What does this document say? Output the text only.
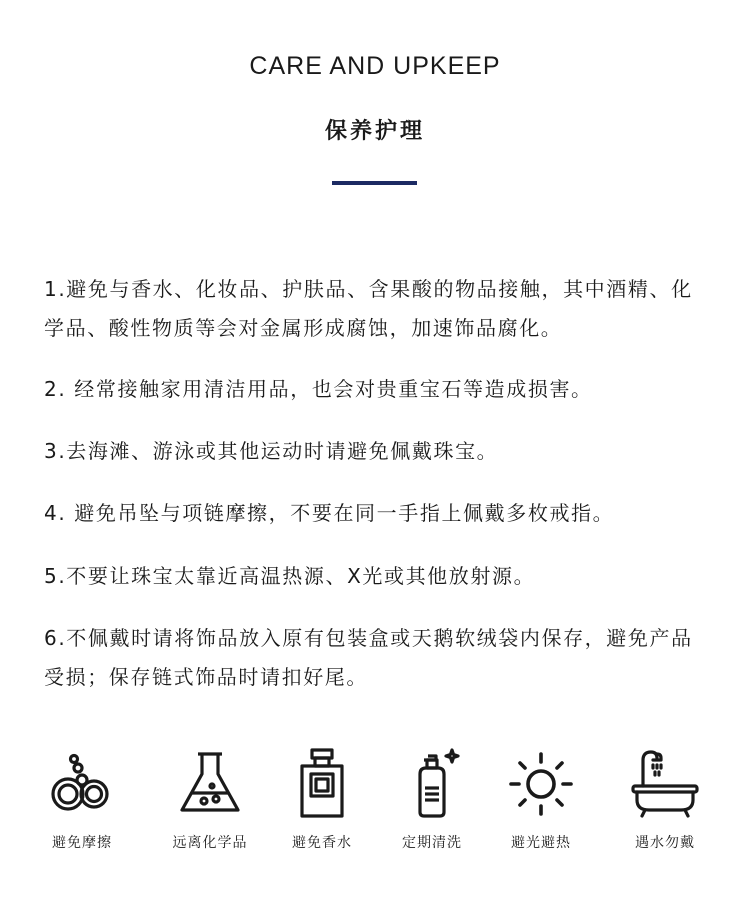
CARE AND UPKEEP
保养护理

1.避免与香水、化妆品、护肤品、含果酸的物品接触，其中酒精、化学品、酸性物质等会对金属形成腐蚀，加速饰品腐化。

2. 经常接触家用清洁用品，也会对贵重宝石等造成损害。

3.去海滩、游泳或其他运动时请避免佩戴珠宝。

4. 避免吊坠与项链摩擦，不要在同一手指上佩戴多枚戒指。

5.不要让珠宝太靠近高温热源、X光或其他放射源。

6.不佩戴时请将饰品放入原有包装盒或天鹅软绒袋内保存，避免产品受损；保存链式饰品时请扣好尾。

避免摩擦	远离化学品	避免香水	定期清洗	避光避热	遇水勿戴
